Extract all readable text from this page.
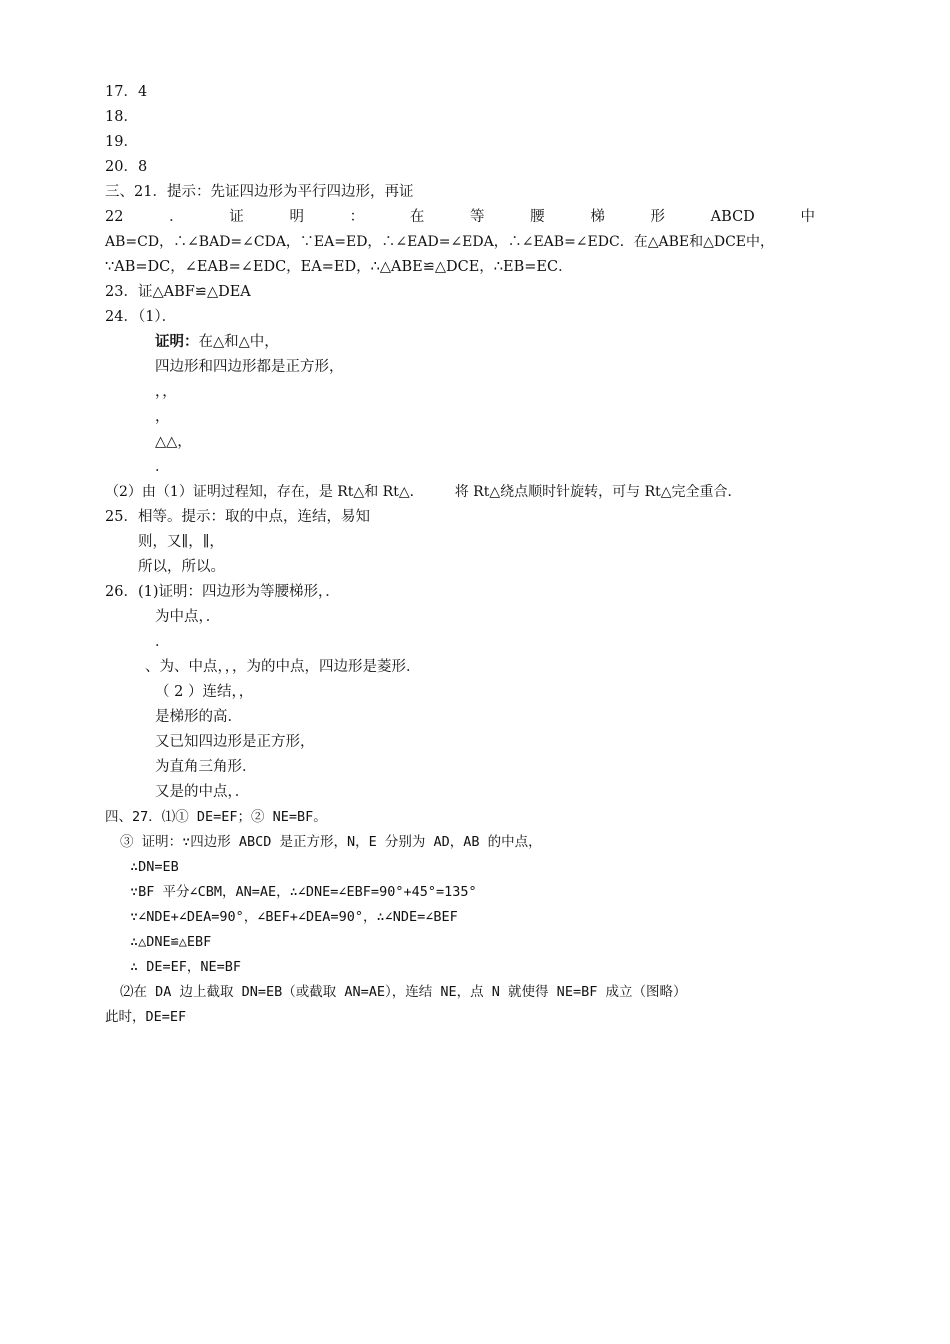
17．4
18．
19．
20．8
三、21．提示：先证四边形为平行四边形，再证
22	．	证	明	：	在	等	腰	梯	形	ABCD	中
AB=CD，∴∠BAD=∠CDA，∵EA=ED，∴∠EAD=∠EDA，∴∠EAB=∠EDC．在△ABE和△DCE中，
∵AB=DC，∠EAB=∠EDC，EA=ED，∴△ABE≌△DCE，∴EB=EC．
23．证△ABF≌△DEA
24．（1）．
证明：在△和△中，
四边形和四边形都是正方形，
，，
，
△△，
．
（2）由（1）证明过程知，存在，是 Rt△和 Rt△．       将 Rt△绕点顺时针旋转，可与 Rt△完全重合．
25．相等。提示：取的中点，连结，易知
则，又∥，∥，
所以，所以。
26．(1)证明：四边形为等腰梯形，．
为中点，．
．
、为、中点，，，为的中点，四边形是菱形．
（ 2 ）连结，，
是梯形的高．
又已知四边形是正方形，
为直角三角形．
又是的中点，．
四、27．⑴① DE=EF；② NE=BF。
③ 证明：∵四边形 ABCD 是正方形，N，E 分别为 AD，AB 的中点，
∴DN=EB
∵BF 平分∠CBM，AN=AE，∴∠DNE=∠EBF=90°+45°=135°
∵∠NDE+∠DEA=90°，∠BEF+∠DEA=90°，∴∠NDE=∠BEF
∴△DNE≌△EBF
∴ DE=EF，NE=BF
⑵在 DA 边上截取 DN=EB（或截取 AN=AE），连结 NE，点 N 就使得 NE=BF 成立（图略）
此时，DE=EF
